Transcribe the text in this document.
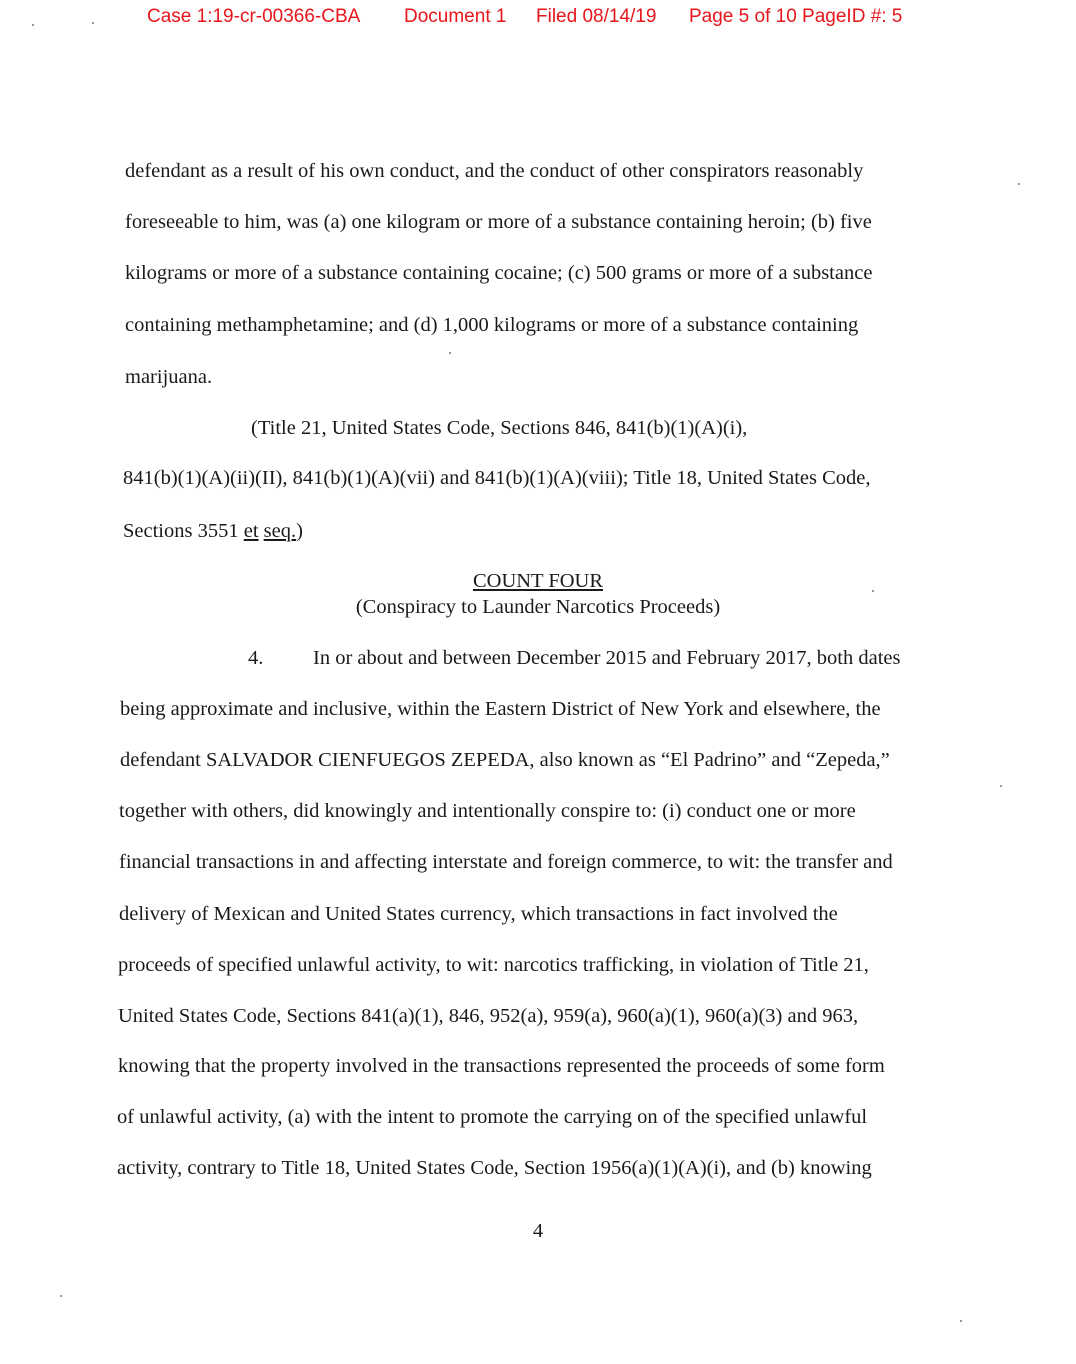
Case 1:19-cr-00366-CBA Document 1 Filed 08/14/19 Page 5 of 10 PageID #: 5
defendant as a result of his own conduct, and the conduct of other conspirators reasonably
foreseeable to him, was (a) one kilogram or more of a substance containing heroin; (b) five
kilograms or more of a substance containing cocaine; (c) 500 grams or more of a substance
containing methamphetamine; and (d) 1,000 kilograms or more of a substance containing
marijuana.
(Title 21, United States Code, Sections 846, 841(b)(1)(A)(i),
841(b)(1)(A)(ii)(II), 841(b)(1)(A)(vii) and 841(b)(1)(A)(viii); Title 18, United States Code,
Sections 3551 et seq.)
COUNT FOUR
(Conspiracy to Launder Narcotics Proceeds)
4. In or about and between December 2015 and February 2017, both dates
being approximate and inclusive, within the Eastern District of New York and elsewhere, the
defendant SALVADOR CIENFUEGOS ZEPEDA, also known as “El Padrino” and “Zepeda,”
together with others, did knowingly and intentionally conspire to: (i) conduct one or more
financial transactions in and affecting interstate and foreign commerce, to wit: the transfer and
delivery of Mexican and United States currency, which transactions in fact involved the
proceeds of specified unlawful activity, to wit: narcotics trafficking, in violation of Title 21,
United States Code, Sections 841(a)(1), 846, 952(a), 959(a), 960(a)(1), 960(a)(3) and 963,
knowing that the property involved in the transactions represented the proceeds of some form
of unlawful activity, (a) with the intent to promote the carrying on of the specified unlawful
activity, contrary to Title 18, United States Code, Section 1956(a)(1)(A)(i), and (b) knowing
4
